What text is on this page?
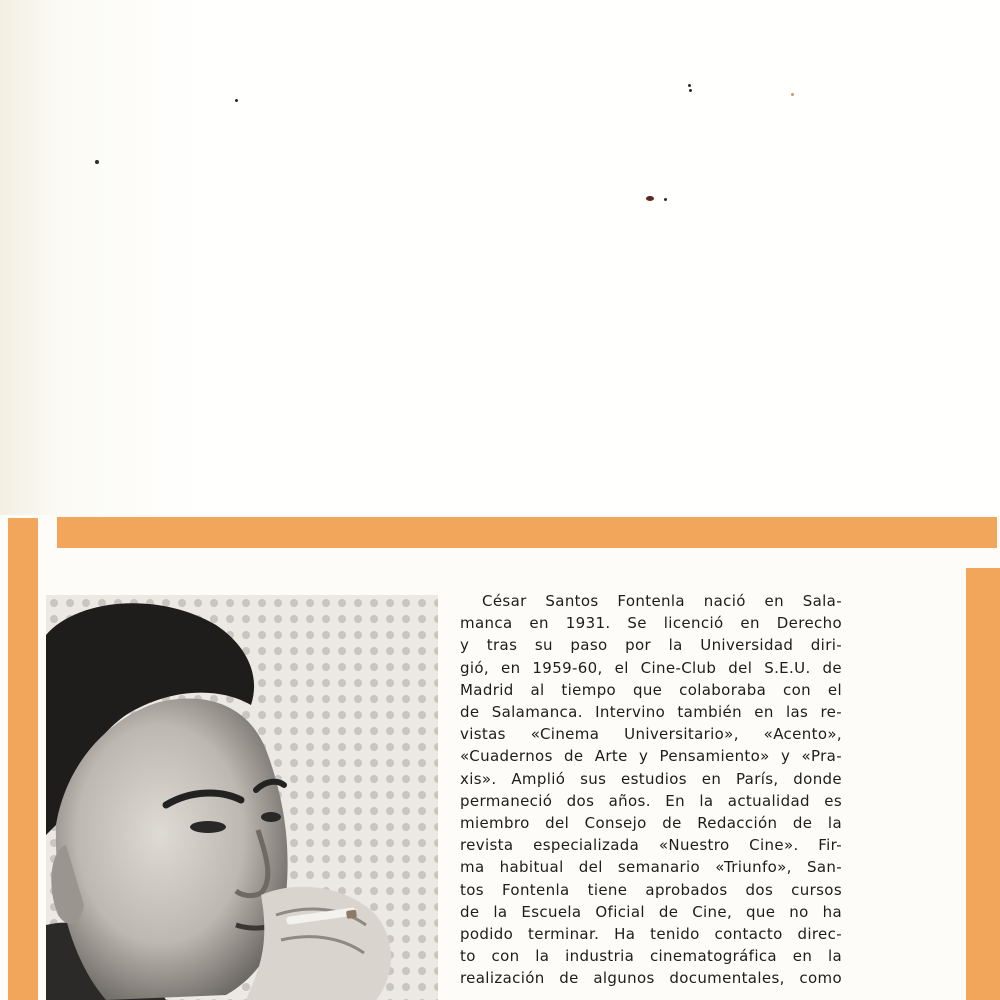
César Santos Fontenla nació en Sala-
manca en 1931. Se licenció en Derecho
y tras su paso por la Universidad diri-
gió, en 1959-60, el Cine-Club del S.E.U. de
Madrid al tiempo que colaboraba con el
de Salamanca. Intervino también en las re-
vistas «Cinema Universitario», «Acento»,
«Cuadernos de Arte y Pensamiento» y «Pra-
xis». Amplió sus estudios en París, donde
permaneció dos años. En la actualidad es
miembro del Consejo de Redacción de la
revista especializada «Nuestro Cine». Fir-
ma habitual del semanario «Triunfo», San-
tos Fontenla tiene aprobados dos cursos
de la Escuela Oficial de Cine, que no ha
podido terminar. Ha tenido contacto direc-
to con la industria cinematográfica en la
realización de algunos documentales, como
